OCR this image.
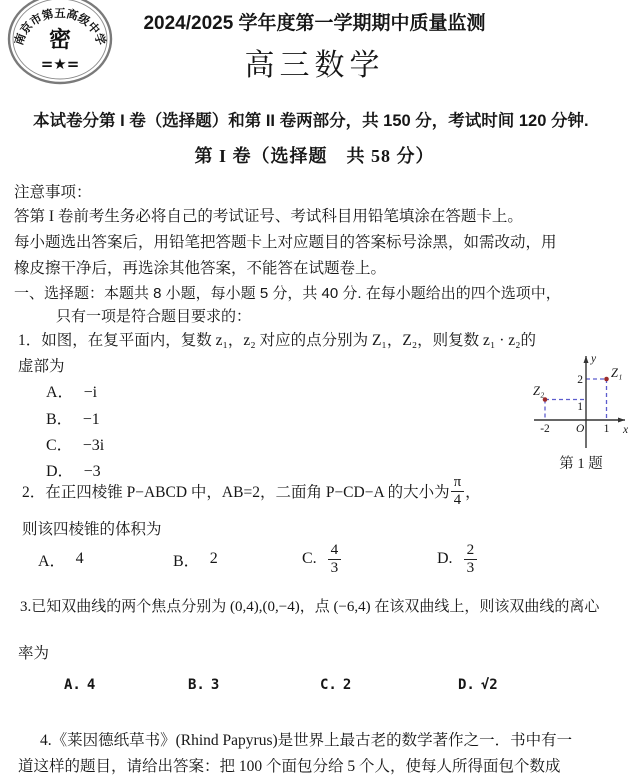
南京市第五高级中学
密
=★=
2024/2025 学年度第一学期期中质量监测
高三数学
本试卷分第 I 卷（选择题）和第 II 卷两部分，共 150 分，考试时间 120 分钟.
第 I 卷（选择题　共 58 分）
注意事项：
答第 I 卷前考生务必将自己的考试证号、考试科目用铅笔填涂在答题卡上。
每小题选出答案后，用铅笔把答题卡上对应题目的答案标号涂黑，如需改动，用
橡皮擦干净后，再选涂其他答案，不能答在试题卷上。
一、选择题：本题共 8 小题，每小题 5 分，共 40 分. 在每小题给出的四个选项中，
只有一项是符合题目要求的：
1．如图，在复平面内，复数 z₁，z₂ 对应的点分别为 Z₁，Z₂，则复数 z₁ · z₂的
虚部为
A． −i
B． −1
C． −3i
D． −3
y
x
O
2
1
-2	1
Z₁
Z₂
第 1 题
2．在正四棱锥 P−ABCD 中，AB=2，二面角 P−CD−A 的大小为 $\frac{\pi}{4}$ ，
则该四棱锥的体积为
A． 4	B． 2	C. $\frac{4}{3}$	D. $\frac{2}{3}$
3.已知双曲线的两个焦点分别为 (0,4),(0,−4)，点 (−6,4) 在该双曲线上，则该双曲线的离心
率为
A. 4	B. 3	C. 2	D. √2
4.《莱因德纸草书》(Rhind Papyrus)是世界上最古老的数学著作之一．书中有一
道这样的题目，请给出答案：把 100 个面包分给 5 个人，使每人所得面包个数成
